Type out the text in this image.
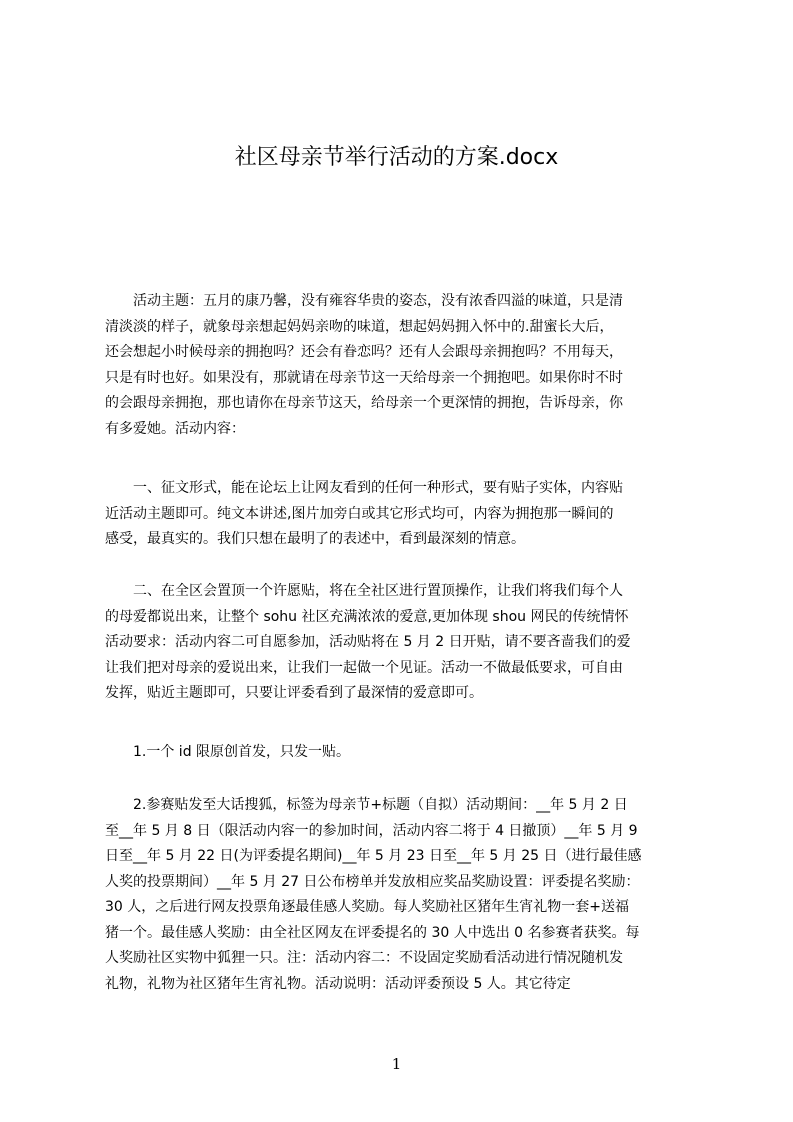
社区母亲节举行活动的方案.docx
　　活动主题：五月的康乃馨，没有雍容华贵的姿态，没有浓香四溢的味道，只是清
清淡淡的样子，就象母亲想起妈妈亲吻的味道，想起妈妈拥入怀中的.甜蜜长大后，
还会想起小时候母亲的拥抱吗？还会有眷恋吗？还有人会跟母亲拥抱吗？不用每天，
只是有时也好。如果没有，那就请在母亲节这一天给母亲一个拥抱吧。如果你时不时
的会跟母亲拥抱，那也请你在母亲节这天，给母亲一个更深情的拥抱，告诉母亲，你
有多爱她。活动内容：
　　一、征文形式，能在论坛上让网友看到的任何一种形式，要有贴子实体，内容贴
近活动主题即可。纯文本讲述,图片加旁白或其它形式均可，内容为拥抱那一瞬间的
感受，最真实的。我们只想在最明了的表述中，看到最深刻的情意。
　　二、在全区会置顶一个许愿贴，将在全社区进行置顶操作，让我们将我们每个人
的母爱都说出来，让整个 sohu 社区充满浓浓的爱意,更加体现 shou 网民的传统情怀
活动要求：活动内容二可自愿参加，活动贴将在 5 月 2 日开贴，请不要吝啬我们的爱
让我们把对母亲的爱说出来，让我们一起做一个见证。活动一不做最低要求，可自由
发挥，贴近主题即可，只要让评委看到了最深情的爱意即可。
　　1.一个 id 限原创首发，只发一贴。
　　2.参赛贴发至大话搜狐，标签为母亲节+标题（自拟）活动期间：__年 5 月 2 日
至__年 5 月 8 日（限活动内容一的参加时间，活动内容二将于 4 日撤顶）__年 5 月 9
日至__年 5 月 22 日(为评委提名期间)__年 5 月 23 日至__年 5 月 25 日（进行最佳感
人奖的投票期间）__年 5 月 27 日公布榜单并发放相应奖品奖励设置：评委提名奖励：
30 人，之后进行网友投票角逐最佳感人奖励。每人奖励社区猪年生宵礼物一套+送福
猪一个。最佳感人奖励：由全社区网友在评委提名的 30 人中选出 0 名参赛者获奖。每
人奖励社区实物中狐狸一只。注：活动内容二：不设固定奖励看活动进行情况随机发
礼物，礼物为社区猪年生宵礼物。活动说明：活动评委预设 5 人。其它待定
1
